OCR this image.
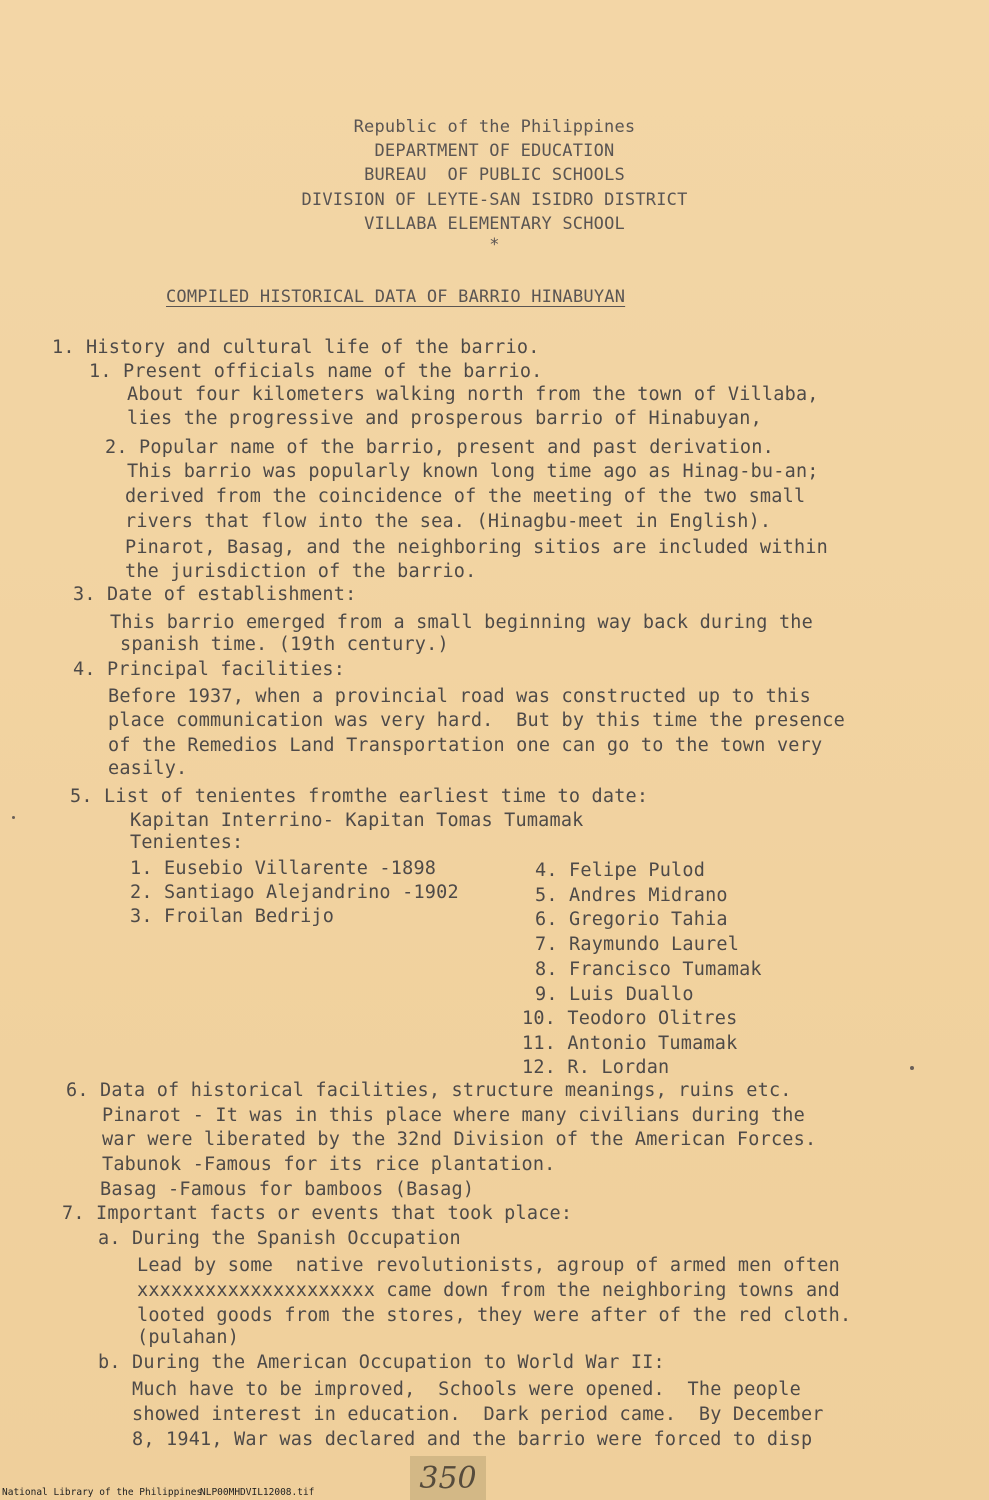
Republic of the Philippines
DEPARTMENT OF EDUCATION
BUREAU  OF PUBLIC SCHOOLS
DIVISION OF LEYTE-SAN ISIDRO DISTRICT
VILLABA ELEMENTARY SCHOOL
*
COMPILED HISTORICAL DATA OF BARRIO HINABUYAN
1. History and cultural life of the barrio.
1. Present officials name of the barrio.
About four kilometers walking north from the town of Villaba,
lies the progressive and prosperous barrio of Hinabuyan,
2. Popular name of the barrio, present and past derivation.
This barrio was popularly known long time ago as Hinag-bu-an;
derived from the coincidence of the meeting of the two small
rivers that flow into the sea. (Hinagbu-meet in English).
Pinarot, Basag, and the neighboring sitios are included within
the jurisdiction of the barrio.
3. Date of establishment:
This barrio emerged from a small beginning way back during the
spanish time. (19th century.)
4. Principal facilities:
Before 1937, when a provincial road was constructed up to this
place communication was very hard.  But by this time the presence
of the Remedios Land Transportation one can go to the town very
easily.
5. List of tenientes fromthe earliest time to date:
Kapitan Interrino- Kapitan Tomas Tumamak
Tenientes:
1. Eusebio Villarente -1898
2. Santiago Alejandrino -1902
3. Froilan Bedrijo
4. Felipe Pulod
5. Andres Midrano
6. Gregorio Tahia
7. Raymundo Laurel
8. Francisco Tumamak
9. Luis Duallo
10. Teodoro Olitres
11. Antonio Tumamak
12. R. Lordan
6. Data of historical facilities, structure meanings, ruins etc.
Pinarot - It was in this place where many civilians during the
war were liberated by the 32nd Division of the American Forces.
Tabunok -Famous for its rice plantation.
Basag -Famous for bamboos (Basag)
7. Important facts or events that took place:
a. During the Spanish Occupation
Lead by some  native revolutionists, agroup of armed men often
xxxxxxxxxxxxxxxxxxxxx came down from the neighboring towns and
looted goods from the stores, they were after of the red cloth.
(pulahan)
b. During the American Occupation to World War II:
Much have to be improved,  Schools were opened.  The people
showed interest in education.  Dark period came.  By December
8, 1941, War was declared and the barrio were forced to disp
350
National Library of the Philippines
NLP00MHDVIL12008.tif
